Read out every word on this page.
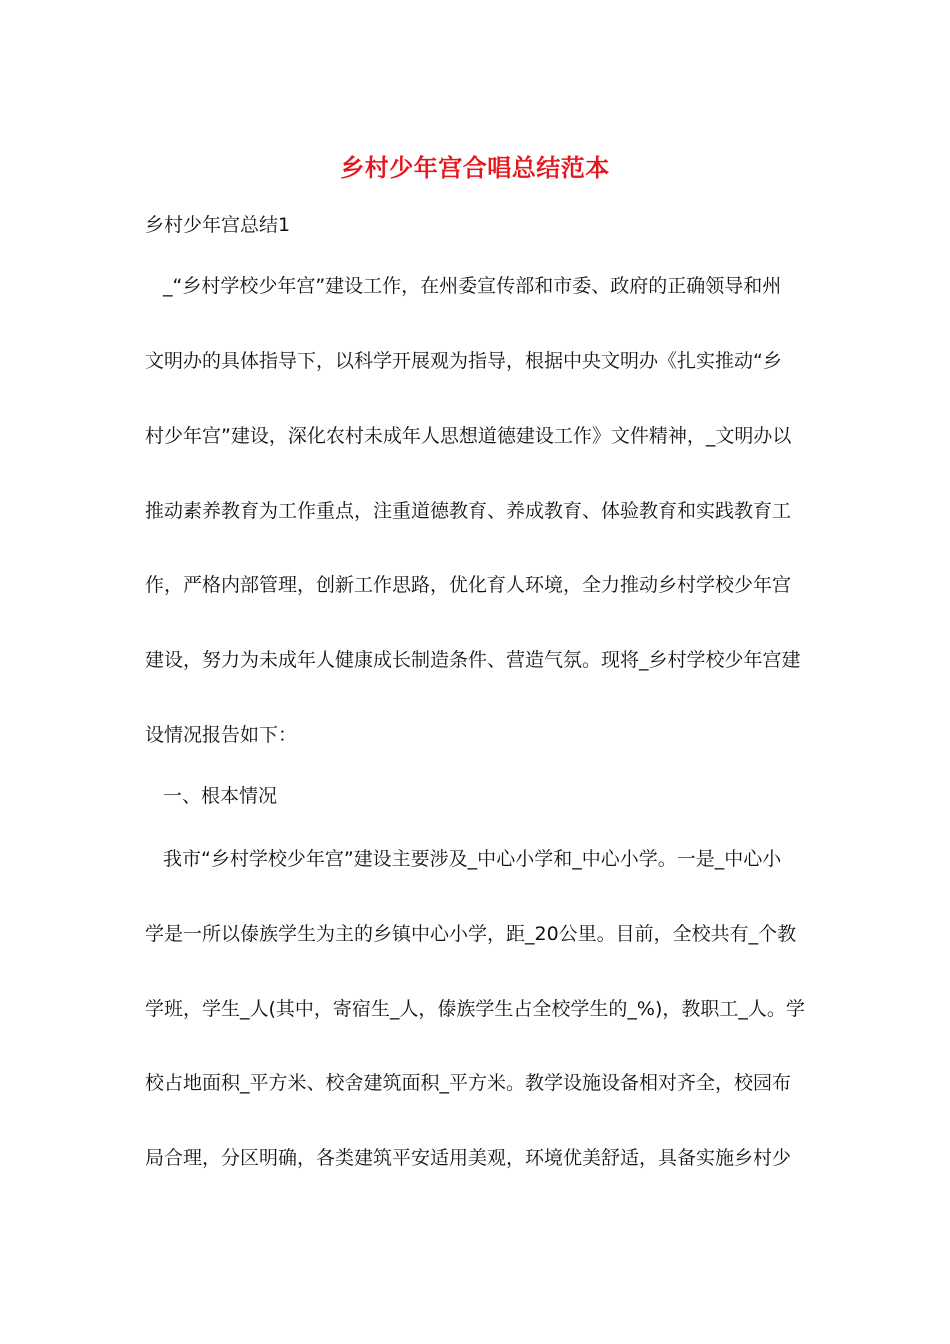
乡村少年宫合唱总结范本
乡村少年宫总结1
_“乡村学校少年宫”建设工作，在州委宣传部和市委、政府的正确领导和州
文明办的具体指导下，以科学开展观为指导，根据中央文明办《扎实推动“乡
村少年宫”建设，深化农村未成年人思想道德建设工作》文件精神，_文明办以
推动素养教育为工作重点，注重道德教育、养成教育、体验教育和实践教育工
作，严格内部管理，创新工作思路，优化育人环境，全力推动乡村学校少年宫
建设，努力为未成年人健康成长制造条件、营造气氛。现将_乡村学校少年宫建
设情况报告如下：
一、根本情况
我市“乡村学校少年宫”建设主要涉及_中心小学和_中心小学。一是_中心小
学是一所以傣族学生为主的乡镇中心小学，距_20公里。目前，全校共有_个教
学班，学生_人(其中，寄宿生_人，傣族学生占全校学生的_%)，教职工_人。学
校占地面积_平方米、校舍建筑面积_平方米。教学设施设备相对齐全，校园布
局合理，分区明确，各类建筑平安适用美观，环境优美舒适，具备实施乡村少
